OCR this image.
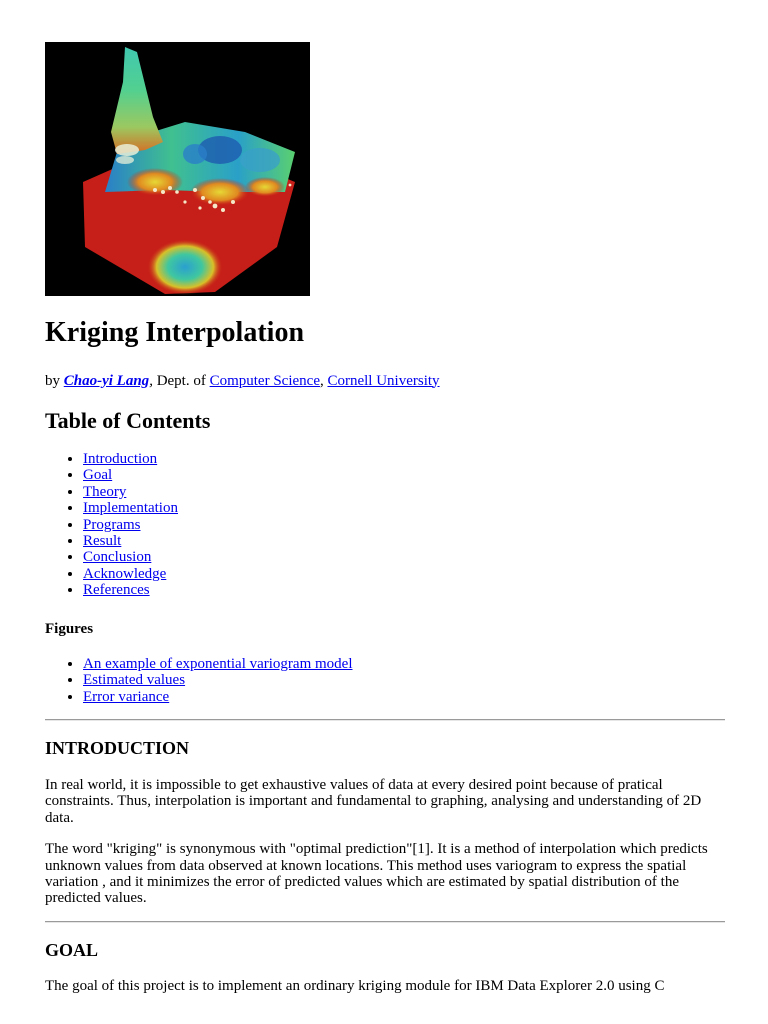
Kriging Interpolation
by Chao-yi Lang, Dept. of Computer Science, Cornell University
Table of Contents
• Introduction
• Goal
• Theory
• Implementation
• Programs
• Result
• Conclusion
• Acknowledge
• References
Figures
• An example of exponential variogram model
• Estimated values
• Error variance
INTRODUCTION

In real world, it is impossible to get exhaustive values of data at every desired point because of pratical constraints. Thus, interpolation is important and fundamental to graphing, analysing and understanding of 2D data.

The word "kriging" is synonymous with "optimal prediction"[1]. It is a method of interpolation which predicts unknown values from data observed at known locations. This method uses variogram to express the spatial variation , and it minimizes the error of predicted values which are estimated by spatial distribution of the predicted values.

GOAL

The goal of this project is to implement an ordinary kriging module for IBM Data Explorer 2.0 using C
